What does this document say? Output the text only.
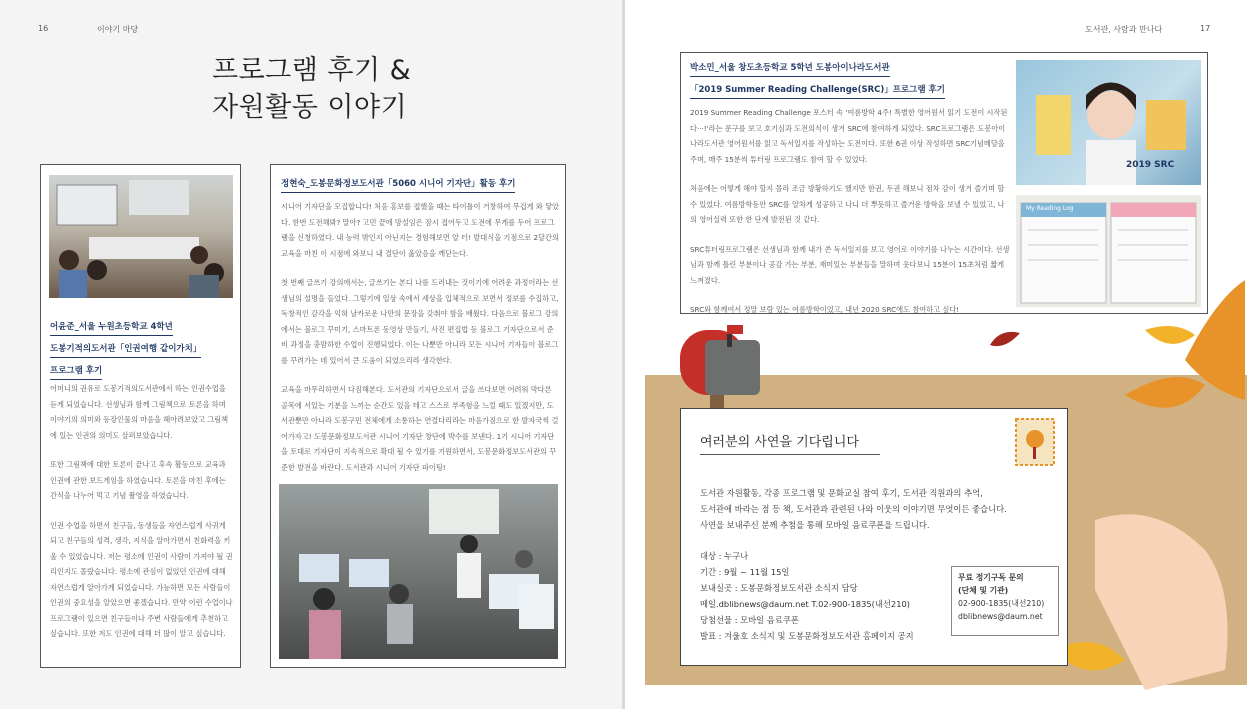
16	이야기 마당
프로그램 후기 &
자원활동 이야기
어윤준_서울 누원초등학교 4학년
도봉기적의도서관「인권여행 같이가치」
프로그램 후기

어머니의 권유로 도봉기적의도서관에서 하는 인권수업을 듣게 되었습니다. 선생님과 함께 그림책으로 토론을 하며 이야기의 의미와 등장인물의 마음을 헤아려보았고 그림책에 있는 인권의 의미도 살펴보았습니다.

또한 그림책에 대한 토론이 끝나고 후속 활동으로 교육과 인권에 관한 보드게임을 하였습니다. 토론을 마친 후에는 간식을 나누어 먹고 기념 촬영을 하였습니다.

인권 수업을 하면서 친구들, 동생들을 자연스럽게 사귀게 되고 친구들의 성격, 생각, 지식을 알아가면서 친화력을 키울 수 있었습니다. 저는 평소에 인권이 사람이 가져야 될 권리인지도 몰랐습니다. 평소에 관심이 없었던 인권에 대해 자연스럽게 알아가게 되었습니다. 가능하면 모든 사람들이 인권의 중요성을 알았으면 좋겠습니다. 만약 이런 수업이나 프로그램이 있으면 친구들이나 주변 사람들에게 추천하고 싶습니다. 또한 저도 인권에 대해 더 많이 알고 싶습니다.

정현숙_도봉문화정보도서관「5060 시니어 기자단」활동 후기

시니어 기자단을 모집합니다! 처음 홍보를 접했을 때는 타이틀이 거창하여 무겁게 와 닿았다. 한번 도전해봐? 말아? 고민 끝에 망설임은 잠시 접어두고 도전에 무게를 두어 프로그램을 신청하였다. 내 능력 밖인지 아닌지는 경험해보면 알 터! 발대식을 기점으로 2달간의 교육을 마친 이 시점에 와보니 내 결단이 옳았음을 깨닫는다.

첫 번째 글쓰기 강의에서는, 글쓰기는 본디 나를 드러내는 것이기에 어려운 과정이라는 선생님의 설명을 들었다. 그렇기에 일상 속에서 세상을 입체적으로 보면서 정보를 수집하고, 독창적인 감각을 익혀 날카로운 나만의 문장을 갖춰야 함을 배웠다. 다음으로 블로그 강의에서는 블로그 꾸미기, 스마트폰 동영상 만들기, 사진 편집법 등 블로그 기자단으로서 준비 과정을 충맘하한 수업이 진행되었다. 이는 나뿐만 아니라 모든 시니어 기자들이 블로그를 꾸려가는 데 있어서 큰 도움이 되었으리라 생각한다.

교육을 마무리하면서 다짐해본다. 도서관의 기자단으로서 글을 쓰다보면 어려워 막다른 골목에 서있는 기분을 느끼는 순간도 있을 테고 스스로 부족함을 느낄 때도 있겠지만, 도서관뿐만 아니라 도봉구민 전체에게 소통하는 연결다리라는 마음가짐으로 한 발자국씩 걸어가자고! 도봉문화정보도서관 시니어 기자단 창단에 박수를 보낸다. 1기 시니어 기자단을 토대로 기자단이 지속적으로 확대 될 수 있기를 기원하면서, 도봉문화정보도서관의 꾸준한 발전을 바란다. 도서관과 시니어 기자단 파이팅!

도서관, 사람과 만나다	17
박소민_서울 창도초등학교 5학년 도봉아이나라도서관
「2019 Summer Reading Challenge(SRC)」프로그램 후기

2019 Summer Reading Challenge 포스터 속 '여름방학 4주! 특별한 영어원서 읽기 도전이 시작된다···!'라는 문구를 보고 호기심과 도전의식이 생겨 SRC에 참여하게 되었다. SRC프로그램은 도봉아이나라도서관 영어원서를 읽고 독서일지를 작성하는 도전이다. 또한 6권 이상 작성하면 SRC기념메달을 주며, 매주 15분씩 튜터링 프로그램도 참여 할 수 있었다.

처음에는 어떻게 해야 할지 몰라 조금 방황하기도 했지만 한권, 두권 해보니 점차 감이 생겨 즐기며 할 수 있었다. 여름방학동안 SRC를 알차게 성공하고 나니 더 뿌듯하고 즐거운 방학을 보낼 수 있었고, 나의 영어실력 또한 한 단계 발전된 것 같다.

SRC튜터링프로그램은 선생님과 함께 내가 쓴 독서일지를 보고 영어로 이야기를 나누는 시간이다. 선생님과 함께 틀린 부분이나 공감 가는 부분, 재미있는 부분들을 말하며 웃다보니 15분이 15초처럼 짧게 느껴졌다.

SRC와 함께여서 정말 보람 있는 여름방학이었고, 내년 2020 SRC에도 참여하고 싶다!

2019 SRC
My Reading Log
여러분의 사연을 기다립니다
도서관 자원활동, 각종 프로그램 및 문화교실 참여 후기, 도서관 직원과의 추억,
도서관에 바라는 점 등 책, 도서관과 관련된 나와 이웃의 이야기면 무엇이든 좋습니다.
사연을 보내주신 분께 추첨을 통해 모바일 음료쿠폰을 드립니다.
대상 : 누구나
기간 : 9월 ~ 11월 15일
보내실곳 : 도봉문화정보도서관 소식지 담당
메일.dblibnews@daum.net T.02-900-1835(내선210)
당첨선물 : 모바일 음료쿠폰
발표 : 겨울호 소식지 및 도봉문화정보도서관 홈페이지 공지
무료 정기구독 문의
(단체 및 기관)
02-900-1835(내선210)
dblibnews@daum.net
